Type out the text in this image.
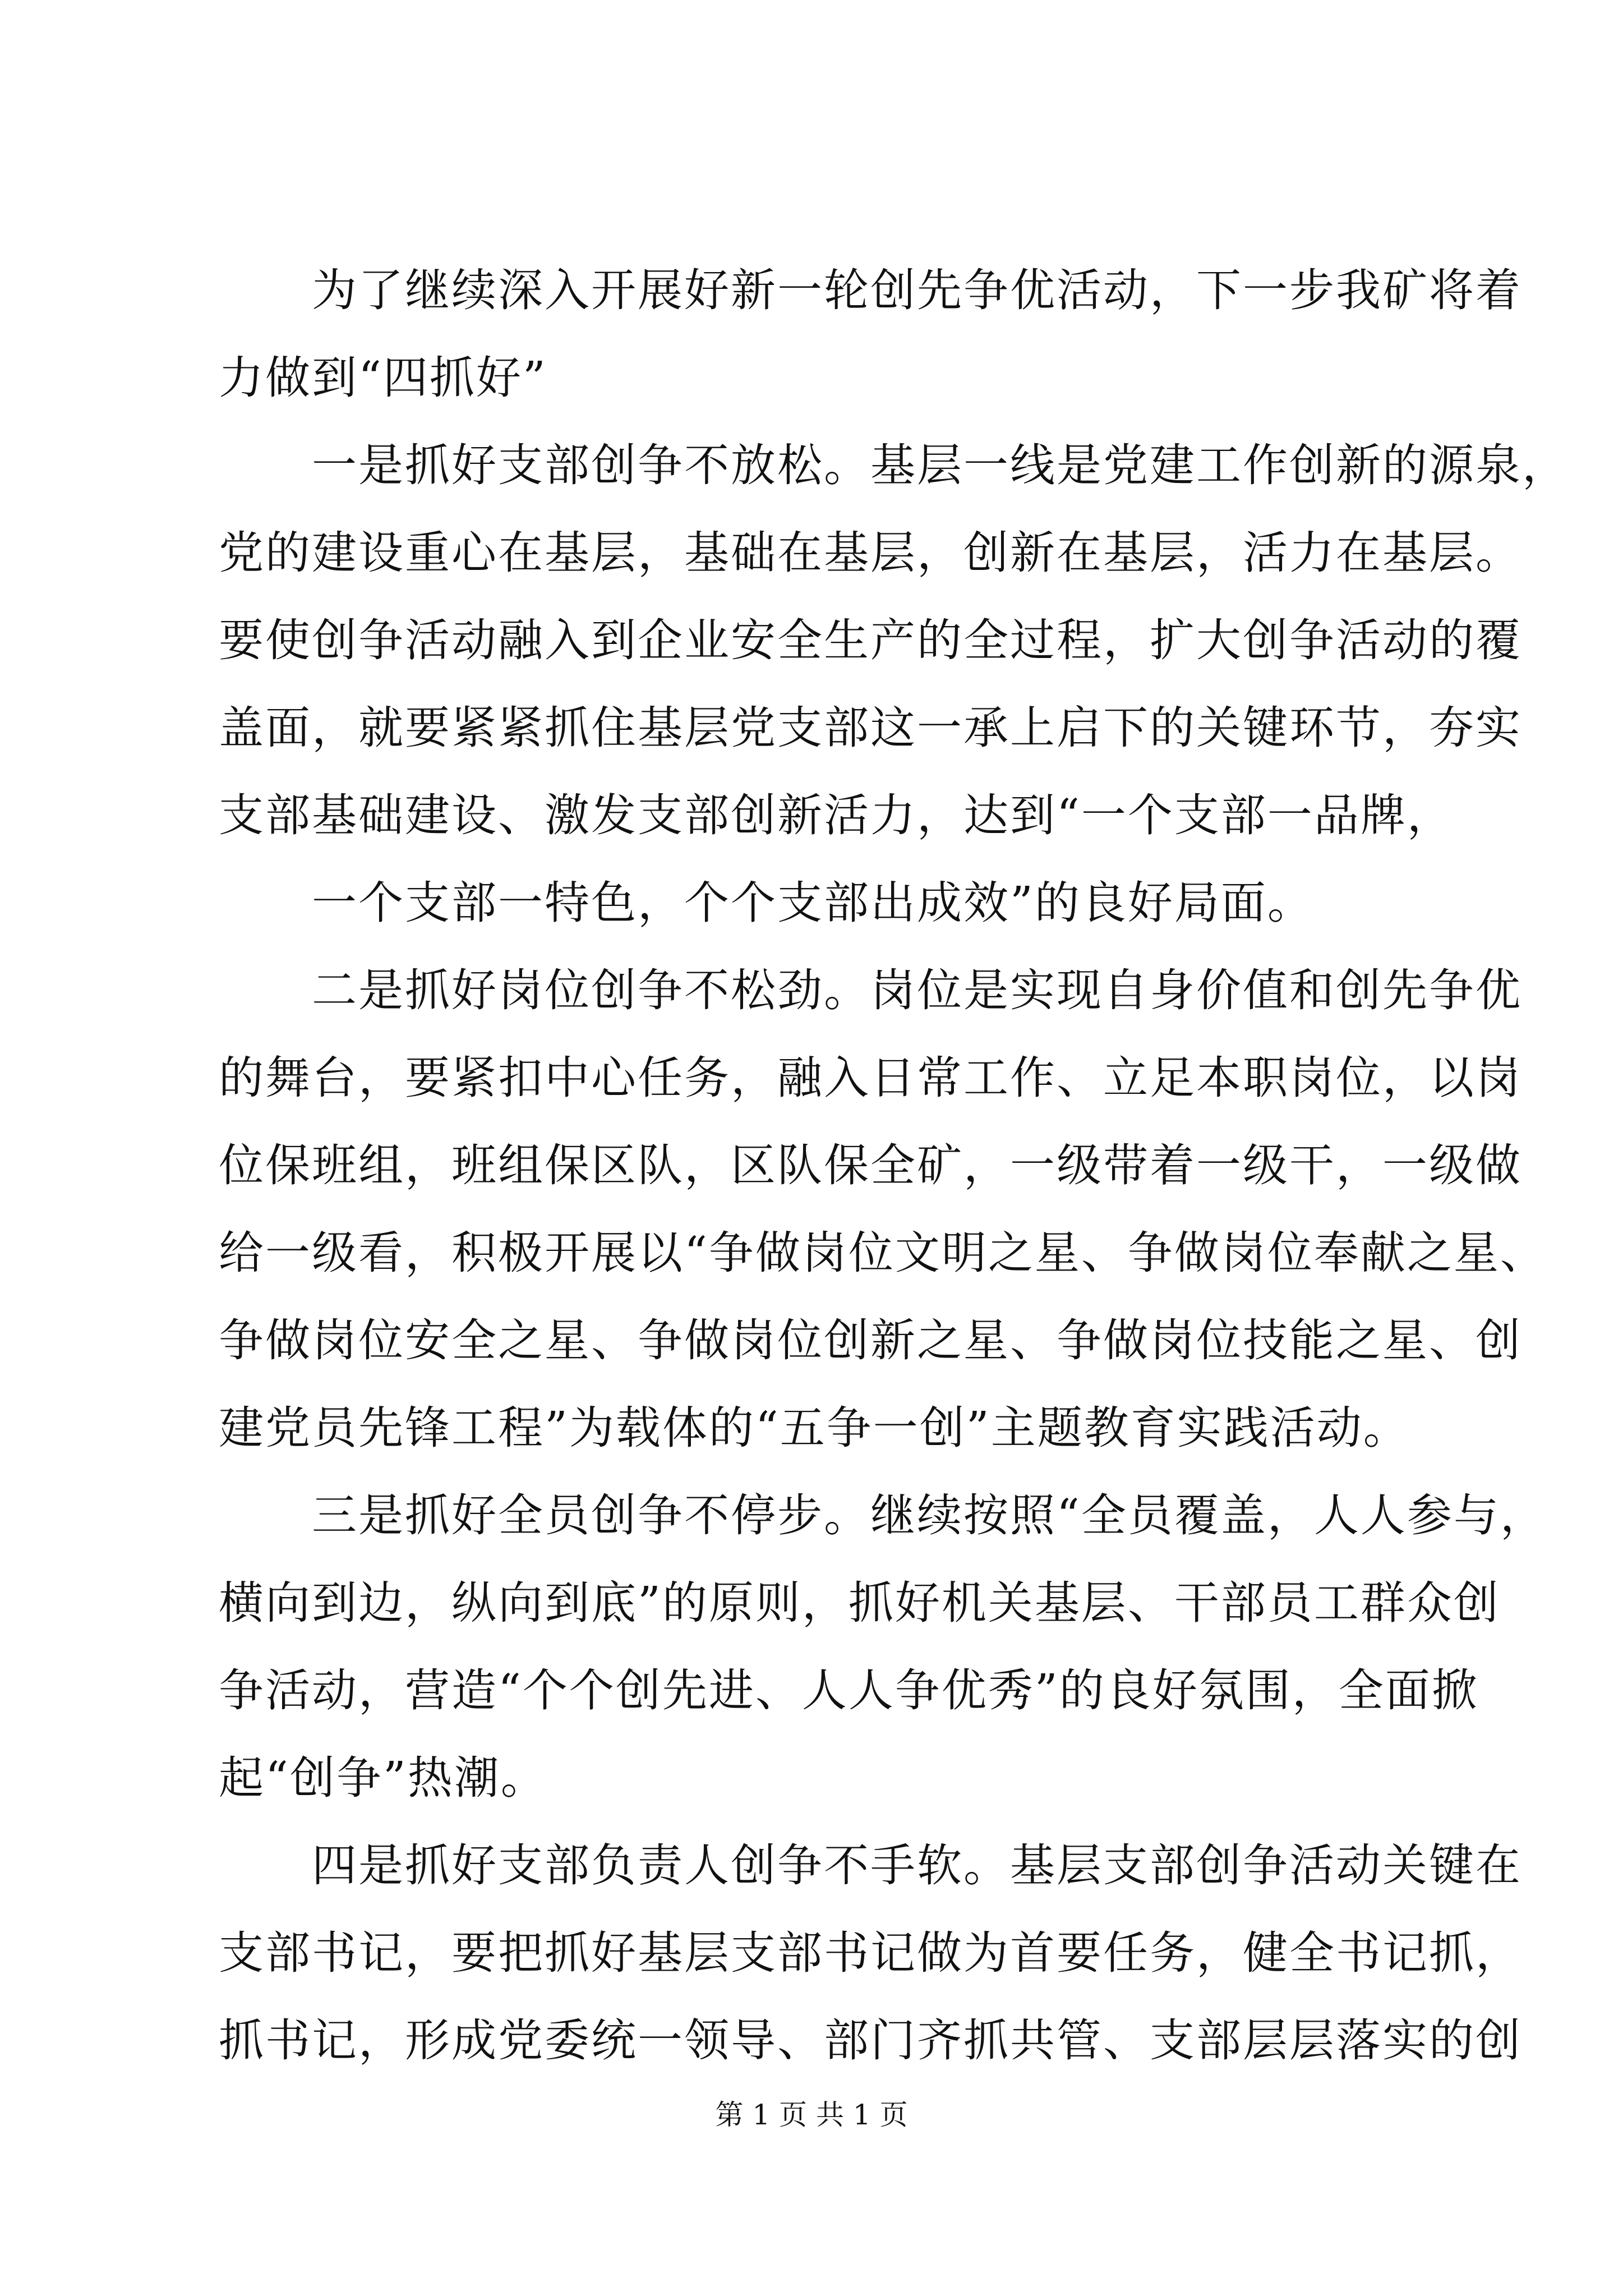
　　为了继续深入开展好新一轮创先争优活动，下一步我矿将着
力做到“四抓好”
　　一是抓好支部创争不放松。基层一线是党建工作创新的源泉，
党的建设重心在基层，基础在基层，创新在基层，活力在基层。
要使创争活动融入到企业安全生产的全过程，扩大创争活动的覆
盖面，就要紧紧抓住基层党支部这一承上启下的关键环节，夯实
支部基础建设、激发支部创新活力，达到“一个支部一品牌，
　　一个支部一特色，个个支部出成效”的良好局面。
　　二是抓好岗位创争不松劲。岗位是实现自身价值和创先争优
的舞台，要紧扣中心任务，融入日常工作、立足本职岗位，以岗
位保班组，班组保区队，区队保全矿，一级带着一级干，一级做
给一级看，积极开展以“争做岗位文明之星、争做岗位奉献之星、
争做岗位安全之星、争做岗位创新之星、争做岗位技能之星、创
建党员先锋工程”为载体的“五争一创”主题教育实践活动。
　　三是抓好全员创争不停步。继续按照“全员覆盖，人人参与，
横向到边，纵向到底”的原则，抓好机关基层、干部员工群众创
争活动，营造“个个创先进、人人争优秀”的良好氛围，全面掀
起“创争”热潮。
　　四是抓好支部负责人创争不手软。基层支部创争活动关键在
支部书记，要把抓好基层支部书记做为首要任务，健全书记抓，
抓书记，形成党委统一领导、部门齐抓共管、支部层层落实的创
第 1 页 共 1 页
